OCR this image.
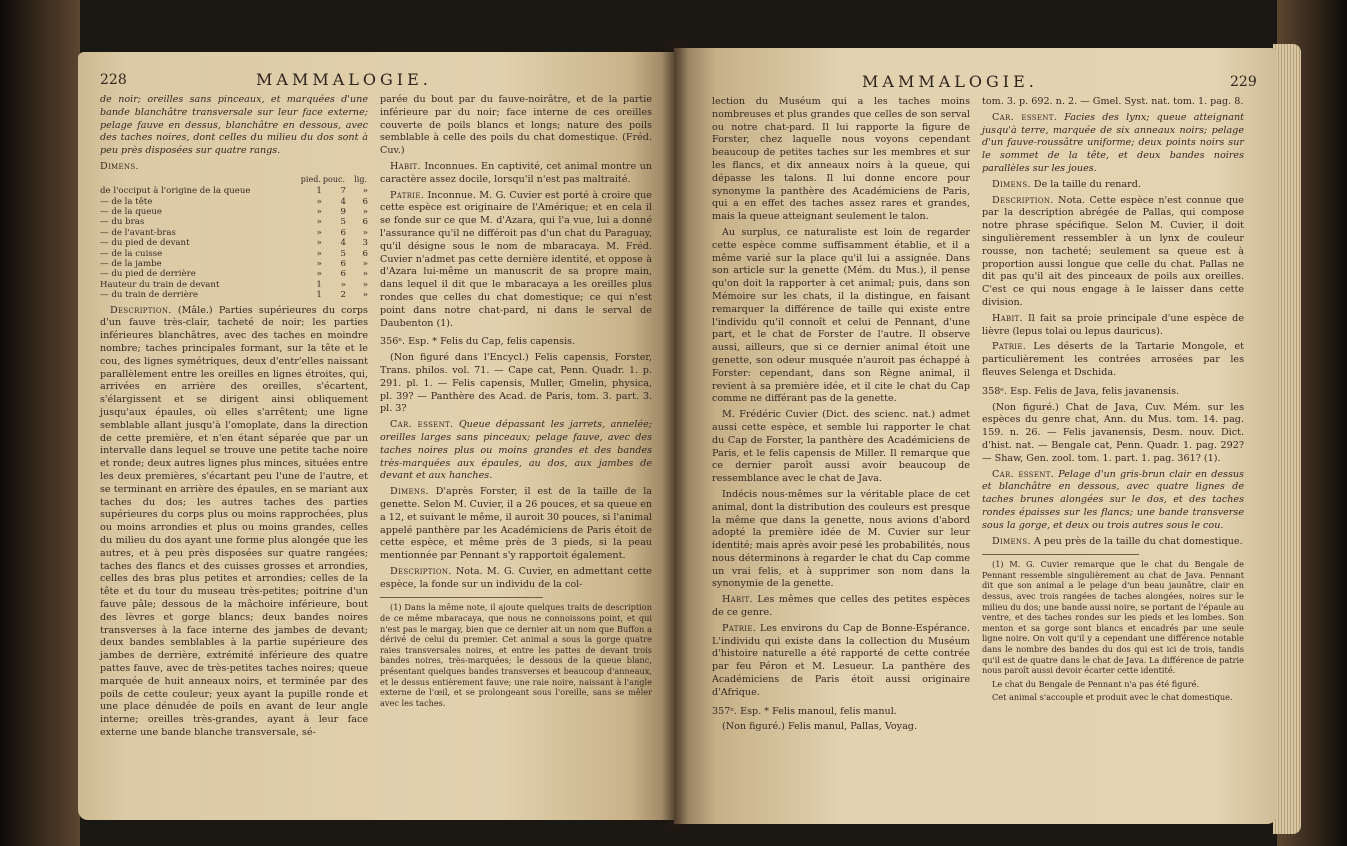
228	MAMMALOGIE.

de noir; oreilles sans pinceaux, et marquées d'une bande blanchâtre transversale sur leur face externe; pelage fauve en dessus, blanchâtre en dessous, avec des taches noires, dont celles du milieu du dos sont à peu près disposées sur quatre rangs.

Dimens.
	pied.	pouc.	lig.
de l'occiput à l'origine de la queue	1	7	»
— de la tête	»	4	6
— de la queue	»	9	»
— du bras	»	5	6
— de l'avant-bras	»	6	»
— du pied de devant	»	4	3
— de la cuisse	»	5	6
— de la jambe	»	6	»
— du pied de derrière	»	6	»
Hauteur du train de devant	1	»	»
— du train de derrière	1	2	»

Description. (Mâle.) Parties supérieures du corps d'un fauve très-clair, tacheté de noir; les parties inférieures blanchâtres, avec des taches en moindre nombre; taches principales formant, sur la tête et le cou, des lignes symétriques, deux d'entr'elles naissant parallèlement entre les oreilles en lignes étroites, qui, arrivées en arrière des oreilles, s'écartent, s'élargissent et se dirigent ainsi obliquement jusqu'aux épaules, où elles s'arrêtent; une ligne semblable allant jusqu'à l'omoplate, dans la direction de cette première, et n'en étant séparée que par un intervalle dans lequel se trouve une petite tache noire et ronde; deux autres lignes plus minces, situées entre les deux premières, s'écartant peu l'une de l'autre, et se terminant en arrière des épaules, en se mariant aux taches du dos; les autres taches des parties supérieures du corps plus ou moins rapprochées, plus ou moins arrondies et plus ou moins grandes, celles du milieu du dos ayant une forme plus alongée que les autres, et à peu près disposées sur quatre rangées; taches des flancs et des cuisses grosses et arrondies, celles des bras plus petites et arrondies; celles de la tête et du tour du museau très-petites; poitrine d'un fauve pâle; dessous de la mâchoire inférieure, bout des lèvres et gorge blancs; deux bandes noires transverses à la face interne des jambes de devant; deux bandes semblables à la partie supérieure des jambes de derrière, extrémité inférieure des quatre pattes fauve, avec de très-petites taches noires; queue marquée de huit anneaux noirs, et terminée par des poils de cette couleur; yeux ayant la pupille ronde et une place dénudée de poils en avant de leur angle interne; oreilles très-grandes, ayant à leur face externe une bande blanche transversale, sé-

parée du bout par du fauve-noirâtre, et de la partie inférieure par du noir; face interne de ces oreilles couverte de poils blancs et longs; nature des poils semblable à celle des poils du chat domestique. (Fréd. Cuv.)

Habit. Inconnues. En captivité, cet animal montre un caractère assez docile, lorsqu'il n'est pas maltraité.

Patrie. Inconnue. M. G. Cuvier est porté à croire que cette espèce est originaire de l'Amérique; et en cela il se fonde sur ce que M. d'Azara, qui l'a vue, lui a donné l'assurance qu'il ne différoit pas d'un chat du Paraguay, qu'il désigne sous le nom de mbaracaya. M. Fréd. Cuvier n'admet pas cette dernière identité, et oppose à d'Azara lui-même un manuscrit de sa propre main, dans lequel il dit que le mbaracaya a les oreilles plus rondes que celles du chat domestique; ce qui n'est point dans notre chat-pard, ni dans le serval de Daubenton (1).

356ᵉ. Esp. * Felis du Cap, felis capensis.

(Non figuré dans l'Encycl.) Felis capensis, Forster, Trans. philos. vol. 71. — Cape cat, Penn. Quadr. 1. p. 291. pl. 1. — Felis capensis, Muller, Gmelin, physica, pl. 39? — Panthère des Acad. de Paris, tom. 3. part. 3. pl. 3?

Car. essent. Queue dépassant les jarrets, annelée; oreilles larges sans pinceaux; pelage fauve, avec des taches noires plus ou moins grandes et des bandes très-marquées aux épaules, au dos, aux jambes de devant et aux hanches.

Dimens. D'après Forster, il est de la taille de la genette. Selon M. Cuvier, il a 26 pouces, et sa queue en a 12, et suivant le même, il auroit 30 pouces, si l'animal appelé panthère par les Académiciens de Paris étoit de cette espèce, et même près de 3 pieds, si la peau mentionnée par Pennant s'y rapportoit également.

Description. Nota. M. G. Cuvier, en admettant cette espèce, la fonde sur un individu de la col-

(1) Dans la même note, il ajoute quelques traits de description de ce même mbaracaya, que nous ne connoissons point, et qui n'est pas le margay, bien que ce dernier ait un nom que Buffon a dérivé de celui du premier. Cet animal a sous la gorge quatre raies transversales noires, et entre les pattes de devant trois bandes noires, très-marquées; le dessous de la queue blanc, présentant quelques bandes transverses et beaucoup d'anneaux, et le dessus entièrement fauve; une raie noire, naissant à l'angle externe de l'œil, et se prolongeant sous l'oreille, sans se mêler avec les taches.

MAMMALOGIE.	229

lection du Muséum qui a les taches moins nombreuses et plus grandes que celles de son serval ou notre chat-pard. Il lui rapporte la figure de Forster, chez laquelle nous voyons cependant beaucoup de petites taches sur les membres et sur les flancs, et dix anneaux noirs à la queue, qui dépasse les talons. Il lui donne encore pour synonyme la panthère des Académiciens de Paris, qui a en effet des taches assez rares et grandes, mais la queue atteignant seulement le talon.

Au surplus, ce naturaliste est loin de regarder cette espèce comme suffisamment établie, et il a même varié sur la place qu'il lui a assignée. Dans son article sur la genette (Mém. du Mus.), il pense qu'on doit la rapporter à cet animal; puis, dans son Mémoire sur les chats, il la distingue, en faisant remarquer la différence de taille qui existe entre l'individu qu'il connoît et celui de Pennant, d'une part, et le chat de Forster de l'autre. Il observe aussi, ailleurs, que si ce dernier animal étoit une genette, son odeur musquée n'auroit pas échappé à Forster: cependant, dans son Règne animal, il revient à sa première idée, et il cite le chat du Cap comme ne différant pas de la genette.

M. Frédéric Cuvier (Dict. des scienc. nat.) admet aussi cette espèce, et semble lui rapporter le chat du Cap de Forster, la panthère des Académiciens de Paris, et le felis capensis de Miller. Il remarque que ce dernier paroît aussi avoir beaucoup de ressemblance avec le chat de Java.

Indécis nous-mêmes sur la véritable place de cet animal, dont la distribution des couleurs est presque la même que dans la genette, nous avions d'abord adopté la première idée de M. Cuvier sur leur identité; mais après avoir pesé les probabilités, nous nous déterminons à regarder le chat du Cap comme un vrai felis, et à supprimer son nom dans la synonymie de la genette.

Habit. Les mêmes que celles des petites espèces de ce genre.

Patrie. Les environs du Cap de Bonne-Espérance. L'individu qui existe dans la collection du Muséum d'histoire naturelle a été rapporté de cette contrée par feu Péron et M. Lesueur. La panthère des Académiciens de Paris étoit aussi originaire d'Afrique.

357ᵉ. Esp. * Felis manoul, felis manul.

(Non figuré.) Felis manul, Pallas, Voyag.

tom. 3. p. 692. n. 2. — Gmel. Syst. nat. tom. 1. pag. 8.

Car. essent. Facies des lynx; queue atteignant jusqu'à terre, marquée de six anneaux noirs; pelage d'un fauve-roussâtre uniforme; deux points noirs sur le sommet de la tête, et deux bandes noires parallèles sur les joues.

Dimens. De la taille du renard.

Description. Nota. Cette espèce n'est connue que par la description abrégée de Pallas, qui compose notre phrase spécifique. Selon M. Cuvier, il doit singulièrement ressembler à un lynx de couleur rousse, non tacheté; seulement sa queue est à proportion aussi longue que celle du chat. Pallas ne dit pas qu'il ait des pinceaux de poils aux oreilles. C'est ce qui nous engage à le laisser dans cette division.

Habit. Il fait sa proie principale d'une espèce de lièvre (lepus tolai ou lepus dauricus).

Patrie. Les déserts de la Tartarie Mongole, et particulièrement les contrées arrosées par les fleuves Selenga et Dschida.

358ᵉ. Esp. Felis de Java, felis javanensis.

(Non figuré.) Chat de Java, Cuv. Mém. sur les espèces du genre chat, Ann. du Mus. tom. 14. pag. 159. n. 26. — Felis javanensis, Desm. nouv. Dict. d'hist. nat. — Bengale cat, Penn. Quadr. 1. pag. 292? — Shaw, Gen. zool. tom. 1. part. 1. pag. 361? (1).

Car. essent. Pelage d'un gris-brun clair en dessus et blanchâtre en dessous, avec quatre lignes de taches brunes alongées sur le dos, et des taches rondes épaisses sur les flancs; une bande transverse sous la gorge, et deux ou trois autres sous le cou.

Dimens. A peu près de la taille du chat domestique.

(1) M. G. Cuvier remarque que le chat du Bengale de Pennant ressemble singulièrement au chat de Java. Pennant dit que son animal a le pelage d'un beau jaunâtre, clair en dessus, avec trois rangées de taches alongées, noires sur le milieu du dos; une bande aussi noire, se portant de l'épaule au ventre, et des taches rondes sur les pieds et les lombes. Son menton et sa gorge sont blancs et encadrés par une seule ligne noire. On voit qu'il y a cependant une différence notable dans le nombre des bandes du dos qui est ici de trois, tandis qu'il est de quatre dans le chat de Java. La différence de patrie nous paroît aussi devoir écarter cette identité.

Le chat du Bengale de Pennant n'a pas été figuré.

Cet animal s'accouple et produit avec le chat domestique.
